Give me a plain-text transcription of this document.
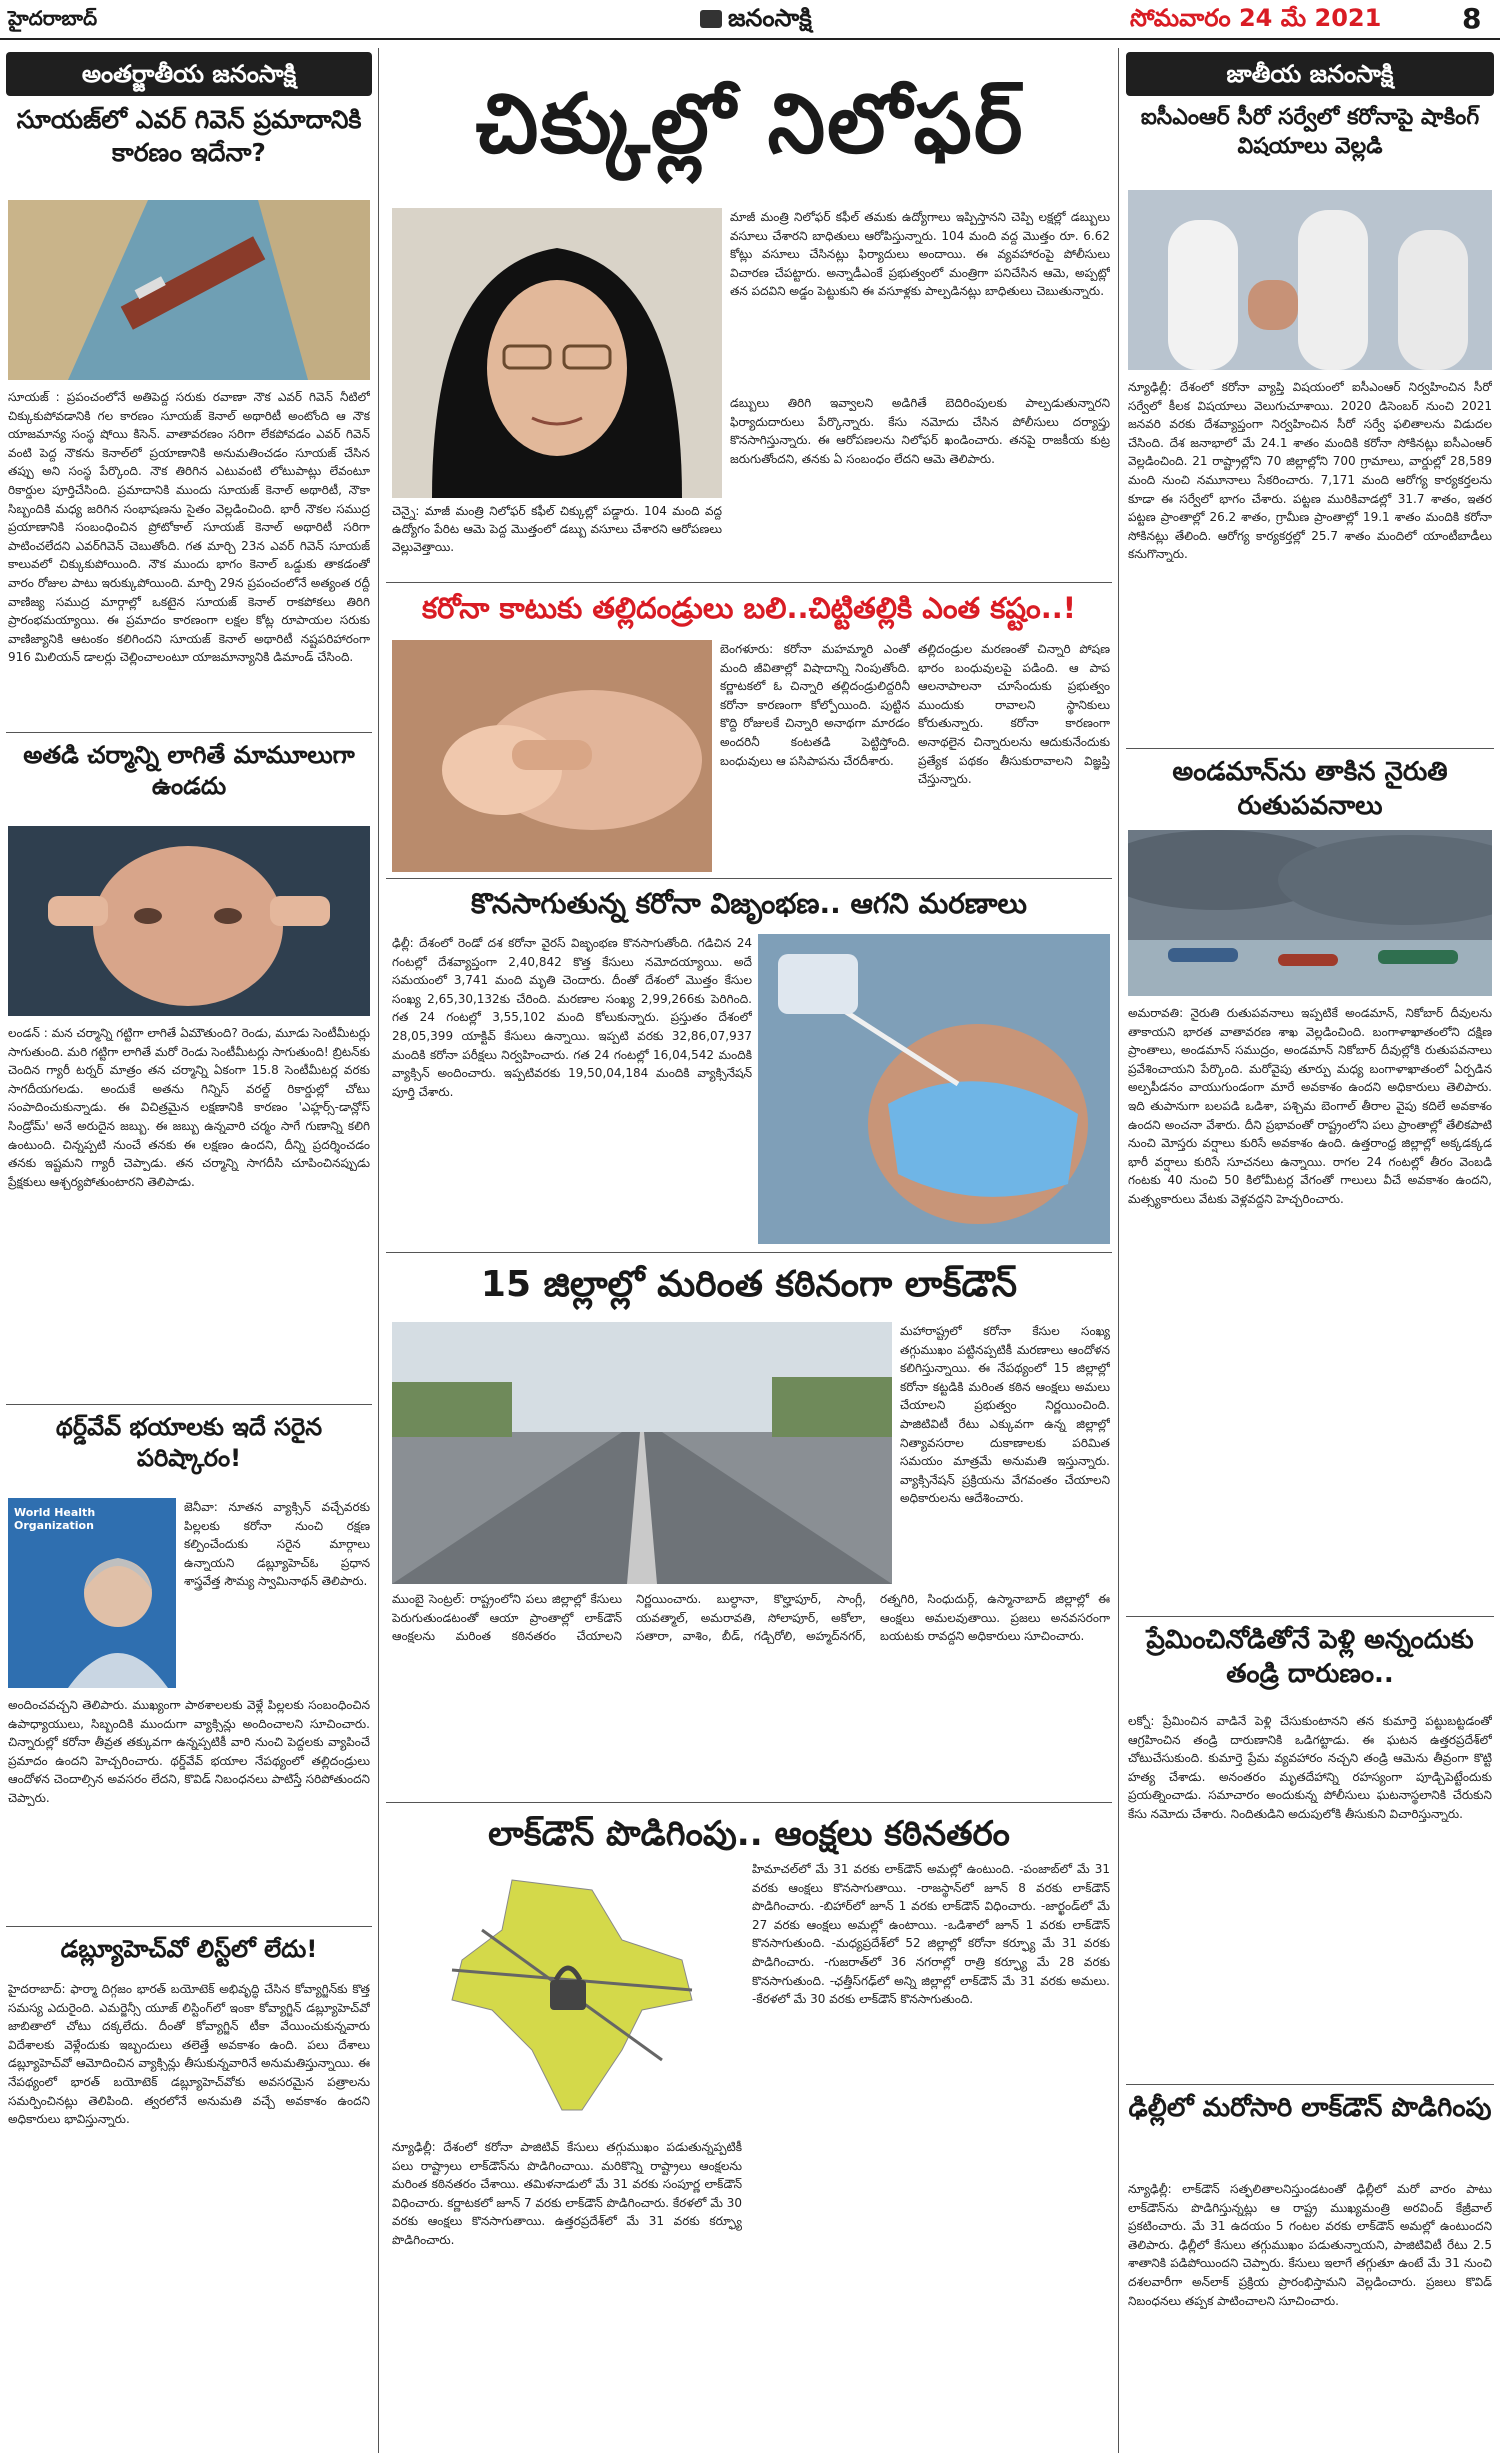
హైదరాబాద్	జనంసాక్షి	సోమవారం 24 మే 2021	8
అంతర్జాతీయ జనంసాక్షి
సూయజ్‌లో ఎవర్ గివెన్ ప్రమాదానికి కారణం ఇదేనా?
సూయజ్ : ప్రపంచంలోనే అతిపెద్ద సరుకు రవాణా నౌక ఎవర్ గివెన్ నీటిలో చిక్కుకుపోవడానికి గల కారణం సూయజ్ కెనాల్ అథారిటీ అంటోంది ఆ నౌక యాజమాన్య సంస్థ షోయి కిసెన్. వాతావరణం సరిగా లేకపోవడం ఎవర్ గివెన్ వంటి పెద్ద నౌకను కెనాల్‌లో ప్రయాణానికి అనుమతించడం సూయజ్ చేసిన తప్పు అని సంస్థ పేర్కొంది. నౌక తిరిగిన ఎటువంటి లోటుపాట్లు లేవంటూ రికార్డుల పూర్తిచేసింది. ప్రమాదానికి ముందు సూయజ్ కెనాల్ అథారిటీ, నౌకా సిబ్బందికి మధ్య జరిగిన సంభాషణను సైతం వెల్లడించింది. భారీ నౌకల సముద్ర ప్రయాణానికి సంబంధించిన ప్రోటోకాల్ సూయజ్ కెనాల్ అథారిటీ సరిగా పాటించలేదని ఎవర్‌గివెన్ చెబుతోంది. గత మార్చి 23న ఎవర్ గివెన్ సూయజ్ కాలువలో చిక్కుకుపోయింది. నౌక ముందు భాగం కెనాల్ ఒడ్డుకు తాకడంతో వారం రోజుల పాటు ఇరుక్కుపోయింది. మార్చి 29న ప్రపంచంలోనే అత్యంత రద్దీ వాణిజ్య సముద్ర మార్గాల్లో ఒకటైన సూయజ్ కెనాల్ రాకపోకలు తిరిగి ప్రారంభమయ్యాయి. ఈ ప్రమాదం కారణంగా లక్షల కోట్ల రూపాయల సరుకు వాణిజ్యానికి ఆటంకం కలిగిందని సూయజ్ కెనాల్ అథారిటీ నష్టపరిహారంగా 916 మిలియన్ డాలర్లు చెల్లించాలంటూ యాజమాన్యానికి డిమాండ్ చేసింది.
అతడి చర్మాన్ని లాగితే మామూలుగా ఉండదు
లండన్ : మన చర్మాన్ని గట్టిగా లాగితే ఏమౌతుంది? రెండు, మూడు సెంటీమీటర్లు సాగుతుంది. మరి గట్టిగా లాగితే మరో రెండు సెంటీమీటర్లు సాగుతుంది! బ్రిటన్‌కు చెందిన గ్యారీ టర్నర్ మాత్రం తన చర్మాన్ని ఏకంగా 15.8 సెంటీమీటర్ల వరకు సాగదీయగలడు. అందుకే అతను గిన్నిస్ వరల్డ్ రికార్డుల్లో చోటు సంపాదించుకున్నాడు. ఈ విచిత్రమైన లక్షణానికి కారణం 'ఎహ్లర్స్-డాన్లోస్ సిండ్రోమ్' అనే అరుదైన జబ్బు. ఈ జబ్బు ఉన్నవారి చర్మం సాగే గుణాన్ని కలిగి ఉంటుంది. చిన్నప్పటి నుంచే తనకు ఈ లక్షణం ఉందని, దీన్ని ప్రదర్శించడం తనకు ఇష్టమని గ్యారీ చెప్పాడు. తన చర్మాన్ని సాగదీసి చూపించినప్పుడు ప్రేక్షకులు ఆశ్చర్యపోతుంటారని తెలిపాడు.
థర్డ్‌వేవ్ భయాలకు ఇదే సరైన పరిష్కారం!
World Health Organization
జెనీవా: నూతన వ్యాక్సిన్ వచ్చేవరకు పిల్లలకు కరోనా నుంచి రక్షణ కల్పించేందుకు సరైన మార్గాలు ఉన్నాయని డబ్ల్యూహెచ్ఓ ప్రధాన శాస్త్రవేత్త సౌమ్య స్వామినాథన్ తెలిపారు.
అందించవచ్చని తెలిపారు. ముఖ్యంగా పాఠశాలలకు వెళ్లే పిల్లలకు సంబంధించిన ఉపాధ్యాయులు, సిబ్బందికి ముందుగా వ్యాక్సిన్లు అందించాలని సూచించారు. చిన్నారుల్లో కరోనా తీవ్రత తక్కువగా ఉన్నప్పటికీ వారి నుంచి పెద్దలకు వ్యాపించే ప్రమాదం ఉందని హెచ్చరించారు. థర్డ్‌వేవ్ భయాల నేపథ్యంలో తల్లిదండ్రులు ఆందోళన చెందాల్సిన అవసరం లేదని, కొవిడ్ నిబంధనలు పాటిస్తే సరిపోతుందని చెప్పారు.
డబ్ల్యూహెచ్‌వో లిస్ట్‌లో లేదు!
హైదరాబాద్: ఫార్మా దిగ్గజం భారత్ బయోటెక్ అభివృద్ధి చేసిన కోవ్యాగ్జిన్‌కు కొత్త సమస్య ఎదురైంది. ఎమర్జెన్సీ యూజ్ లిస్టింగ్‌లో ఇంకా కోవ్యాగ్జిన్ డబ్ల్యూహెచ్‌వో జాబితాలో చోటు దక్కలేదు. దీంతో కోవ్యాగ్జిన్ టీకా వేయించుకున్నవారు విదేశాలకు వెళ్లేందుకు ఇబ్బందులు తలెత్తే అవకాశం ఉంది. పలు దేశాలు డబ్ల్యూహెచ్‌వో ఆమోదించిన వ్యాక్సిన్లు తీసుకున్నవారినే అనుమతిస్తున్నాయి. ఈ నేపథ్యంలో భారత్ బయోటెక్ డబ్ల్యూహెచ్‌వోకు అవసరమైన పత్రాలను సమర్పించినట్లు తెలిపింది. త్వరలోనే అనుమతి వచ్చే అవకాశం ఉందని అధికారులు భావిస్తున్నారు.
చిక్కుల్లో నిలోఫర్
చెన్నై: మాజీ మంత్రి నిలోఫర్ కఫీల్ చిక్కుల్లో పడ్డారు. 104 మంది వద్ద ఉద్యోగం పేరిట ఆమె పెద్ద మొత్తంలో డబ్బు వసూలు చేశారని ఆరోపణలు వెల్లువెత్తాయి.
మాజీ మంత్రి నిలోఫర్ కఫీల్ తమకు ఉద్యోగాలు ఇప్పిస్తానని చెప్పి లక్షల్లో డబ్బులు వసూలు చేశారని బాధితులు ఆరోపిస్తున్నారు. 104 మంది వద్ద మొత్తం రూ. 6.62 కోట్లు వసూలు చేసినట్లు ఫిర్యాదులు అందాయి. ఈ వ్యవహారంపై పోలీసులు విచారణ చేపట్టారు. అన్నాడీఎంకే ప్రభుత్వంలో మంత్రిగా పనిచేసిన ఆమె, అప్పట్లో తన పదవిని అడ్డం పెట్టుకుని ఈ వసూళ్లకు పాల్పడినట్లు బాధితులు చెబుతున్నారు.
డబ్బులు తిరిగి ఇవ్వాలని అడిగితే బెదిరింపులకు పాల్పడుతున్నారని ఫిర్యాదుదారులు పేర్కొన్నారు. కేసు నమోదు చేసిన పోలీసులు దర్యాప్తు కొనసాగిస్తున్నారు. ఈ ఆరోపణలను నిలోఫర్ ఖండించారు. తనపై రాజకీయ కుట్ర జరుగుతోందని, తనకు ఏ సంబంధం లేదని ఆమె తెలిపారు.
కరోనా కాటుకు తల్లిదండ్రులు బలి..చిట్టితల్లికి ఎంత కష్టం..!
బెంగళూరు: కరోనా మహమ్మారి ఎంతో మంది జీవితాల్లో విషాదాన్ని నింపుతోంది. కర్ణాటకలో ఓ చిన్నారి తల్లిదండ్రులిద్దరినీ కరోనా కారణంగా కోల్పోయింది. పుట్టిన కొద్ది రోజులకే చిన్నారి అనాథగా మారడం అందరినీ కంటతడి పెట్టిస్తోంది. బంధువులు ఆ పసిపాపను చేరదీశారు.
తల్లిదండ్రుల మరణంతో చిన్నారి పోషణ భారం బంధువులపై పడింది. ఆ పాప ఆలనాపాలనా చూసేందుకు ప్రభుత్వం ముందుకు రావాలని స్థానికులు కోరుతున్నారు. కరోనా కారణంగా అనాథలైన చిన్నారులను ఆదుకునేందుకు ప్రత్యేక పథకం తీసుకురావాలని విజ్ఞప్తి చేస్తున్నారు.
కొనసాగుతున్న కరోనా విజృంభణ.. ఆగని మరణాలు
ఢిల్లీ: దేశంలో రెండో దశ కరోనా వైరస్ విజృంభణ కొనసాగుతోంది. గడిచిన 24 గంటల్లో దేశవ్యాప్తంగా 2,40,842 కొత్త కేసులు నమోదయ్యాయి. అదే సమయంలో 3,741 మంది మృతి చెందారు. దీంతో దేశంలో మొత్తం కేసుల సంఖ్య 2,65,30,132కు చేరింది. మరణాల సంఖ్య 2,99,266కు పెరిగింది. గత 24 గంటల్లో 3,55,102 మంది కోలుకున్నారు. ప్రస్తుతం దేశంలో 28,05,399 యాక్టివ్ కేసులు ఉన్నాయి. ఇప్పటి వరకు 32,86,07,937 మందికి కరోనా పరీక్షలు నిర్వహించారు. గత 24 గంటల్లో 16,04,542 మందికి వ్యాక్సిన్ అందించారు. ఇప్పటివరకు 19,50,04,184 మందికి వ్యాక్సినేషన్ పూర్తి చేశారు.
15 జిల్లాల్లో మరింత కఠినంగా లాక్‌డౌన్
మహారాష్ట్రలో కరోనా కేసుల సంఖ్య తగ్గుముఖం పట్టినప్పటికీ మరణాలు ఆందోళన కలిగిస్తున్నాయి. ఈ నేపథ్యంలో 15 జిల్లాల్లో కరోనా కట్టడికి మరింత కఠిన ఆంక్షలు అమలు చేయాలని ప్రభుత్వం నిర్ణయించింది. పాజిటివిటీ రేటు ఎక్కువగా ఉన్న జిల్లాల్లో నిత్యావసరాల దుకాణాలకు పరిమిత సమయం మాత్రమే అనుమతి ఇస్తున్నారు. వ్యాక్సినేషన్ ప్రక్రియను వేగవంతం చేయాలని అధికారులను ఆదేశించారు.
ముంబై సెంట్రల్: రాష్ట్రంలోని పలు జిల్లాల్లో కేసులు పెరుగుతుండటంతో ఆయా ప్రాంతాల్లో లాక్‌డౌన్ ఆంక్షలను మరింత కఠినతరం చేయాలని నిర్ణయించారు. బుల్ధానా, కొల్హాపూర్, సాంగ్లీ, యవత్మాల్, అమరావతి, సోలాపూర్, అకోలా, సతారా, వాశిం, బీడ్, గడ్చిరోలి, అహ్మద్‌నగర్, రత్నగిరి, సింధుదుర్గ్, ఉస్మానాబాద్ జిల్లాల్లో ఈ ఆంక్షలు అమలవుతాయి. ప్రజలు అనవసరంగా బయటకు రావద్దని అధికారులు సూచించారు.
లాక్‌డౌన్ పొడిగింపు.. ఆంక్షలు కఠినతరం
న్యూఢిల్లీ: దేశంలో కరోనా పాజిటివ్ కేసులు తగ్గుముఖం పడుతున్నప్పటికీ పలు రాష్ట్రాలు లాక్‌డౌన్‌ను పొడిగించాయి. మరికొన్ని రాష్ట్రాలు ఆంక్షలను మరింత కఠినతరం చేశాయి. తమిళనాడులో మే 31 వరకు సంపూర్ణ లాక్‌డౌన్ విధించారు. కర్ణాటకలో జూన్ 7 వరకు లాక్‌డౌన్ పొడిగించారు. కేరళలో మే 30 వరకు ఆంక్షలు కొనసాగుతాయి. ఉత్తరప్రదేశ్‌లో మే 31 వరకు కర్ఫ్యూ పొడిగించారు.
హిమాచల్‌లో మే 31 వరకు లాక్‌డౌన్ అమల్లో ఉంటుంది. -పంజాబ్‌లో మే 31 వరకు ఆంక్షలు కొనసాగుతాయి. -రాజస్థాన్‌లో జూన్ 8 వరకు లాక్‌డౌన్ పొడిగించారు. -బిహార్‌లో జూన్ 1 వరకు లాక్‌డౌన్ విధించారు. -జార్ఖండ్‌లో మే 27 వరకు ఆంక్షలు అమల్లో ఉంటాయి. -ఒడిశాలో జూన్ 1 వరకు లాక్‌డౌన్ కొనసాగుతుంది. -మధ్యప్రదేశ్‌లో 52 జిల్లాల్లో కరోనా కర్ఫ్యూ మే 31 వరకు పొడిగించారు. -గుజరాత్‌లో 36 నగరాల్లో రాత్రి కర్ఫ్యూ మే 28 వరకు కొనసాగుతుంది. -ఛత్తీస్‌గఢ్‌లో అన్ని జిల్లాల్లో లాక్‌డౌన్ మే 31 వరకు అమలు. -కేరళలో మే 30 వరకు లాక్‌డౌన్ కొనసాగుతుంది.
జాతీయ జనంసాక్షి
ఐసీఎంఆర్ సీరో సర్వేలో కరోనాపై షాకింగ్ విషయాలు వెల్లడి
న్యూఢిల్లీ: దేశంలో కరోనా వ్యాప్తి విషయంలో ఐసీఎంఆర్ నిర్వహించిన సీరో సర్వేలో కీలక విషయాలు వెలుగుచూశాయి. 2020 డిసెంబర్ నుంచి 2021 జనవరి వరకు దేశవ్యాప్తంగా నిర్వహించిన సీరో సర్వే ఫలితాలను విడుదల చేసింది. దేశ జనాభాలో మే 24.1 శాతం మందికి కరోనా సోకినట్లు ఐసీఎంఆర్ వెల్లడించింది. 21 రాష్ట్రాల్లోని 70 జిల్లాల్లోని 700 గ్రామాలు, వార్డుల్లో 28,589 మంది నుంచి నమూనాలు సేకరించారు. 7,171 మంది ఆరోగ్య కార్యకర్తలను కూడా ఈ సర్వేలో భాగం చేశారు. పట్టణ మురికివాడల్లో 31.7 శాతం, ఇతర పట్టణ ప్రాంతాల్లో 26.2 శాతం, గ్రామీణ ప్రాంతాల్లో 19.1 శాతం మందికి కరోనా సోకినట్లు తేలింది. ఆరోగ్య కార్యకర్తల్లో 25.7 శాతం మందిలో యాంటీబాడీలు కనుగొన్నారు.
అండమాన్‌ను తాకిన నైరుతి రుతుపవనాలు
అమరావతి: నైరుతి రుతుపవనాలు ఇప్పటికే అండమాన్, నికోబార్ దీవులను తాకాయని భారత వాతావరణ శాఖ వెల్లడించింది. బంగాళాఖాతంలోని దక్షిణ ప్రాంతాలు, అండమాన్ సముద్రం, అండమాన్ నికోబార్ దీవుల్లోకి రుతుపవనాలు ప్రవేశించాయని పేర్కొంది. మరోవైపు తూర్పు మధ్య బంగాళాఖాతంలో ఏర్పడిన అల్పపీడనం వాయుగుండంగా మారే అవకాశం ఉందని అధికారులు తెలిపారు. ఇది తుపానుగా బలపడి ఒడిశా, పశ్చిమ బెంగాల్ తీరాల వైపు కదిలే అవకాశం ఉందని అంచనా వేశారు. దీని ప్రభావంతో రాష్ట్రంలోని పలు ప్రాంతాల్లో తేలికపాటి నుంచి మోస్తరు వర్షాలు కురిసే అవకాశం ఉంది. ఉత్తరాంధ్ర జిల్లాల్లో అక్కడక్కడ భారీ వర్షాలు కురిసే సూచనలు ఉన్నాయి. రాగల 24 గంటల్లో తీరం వెంబడి గంటకు 40 నుంచి 50 కిలోమీటర్ల వేగంతో గాలులు వీచే అవకాశం ఉందని, మత్స్యకారులు వేటకు వెళ్లవద్దని హెచ్చరించారు.
ప్రేమించినోడితోనే పెళ్లి అన్నందుకు తండ్రి దారుణం..
లక్నో: ప్రేమించిన వాడినే పెళ్లి చేసుకుంటానని తన కుమార్తె పట్టుబట్టడంతో ఆగ్రహించిన తండ్రి దారుణానికి ఒడిగట్టాడు. ఈ ఘటన ఉత్తరప్రదేశ్‌లో చోటుచేసుకుంది. కుమార్తె ప్రేమ వ్యవహారం నచ్చని తండ్రి ఆమెను తీవ్రంగా కొట్టి హత్య చేశాడు. అనంతరం మృతదేహాన్ని రహస్యంగా పూడ్చిపెట్టేందుకు ప్రయత్నించాడు. సమాచారం అందుకున్న పోలీసులు ఘటనాస్థలానికి చేరుకుని కేసు నమోదు చేశారు. నిందితుడిని అదుపులోకి తీసుకుని విచారిస్తున్నారు.
ఢిల్లీలో మరోసారి లాక్‌డౌన్ పొడిగింపు
న్యూఢిల్లీ: లాక్‌డౌన్ సత్ఫలితాలనిస్తుండటంతో ఢిల్లీలో మరో వారం పాటు లాక్‌డౌన్‌ను పొడిగిస్తున్నట్లు ఆ రాష్ట్ర ముఖ్యమంత్రి అరవింద్ కేజ్రీవాల్ ప్రకటించారు. మే 31 ఉదయం 5 గంటల వరకు లాక్‌డౌన్ అమల్లో ఉంటుందని తెలిపారు. ఢిల్లీలో కేసులు తగ్గుముఖం పడుతున్నాయని, పాజిటివిటీ రేటు 2.5 శాతానికి పడిపోయిందని చెప్పారు. కేసులు ఇలాగే తగ్గుతూ ఉంటే మే 31 నుంచి దశలవారీగా అన్‌లాక్ ప్రక్రియ ప్రారంభిస్తామని వెల్లడించారు. ప్రజలు కొవిడ్ నిబంధనలు తప్పక పాటించాలని సూచించారు.
